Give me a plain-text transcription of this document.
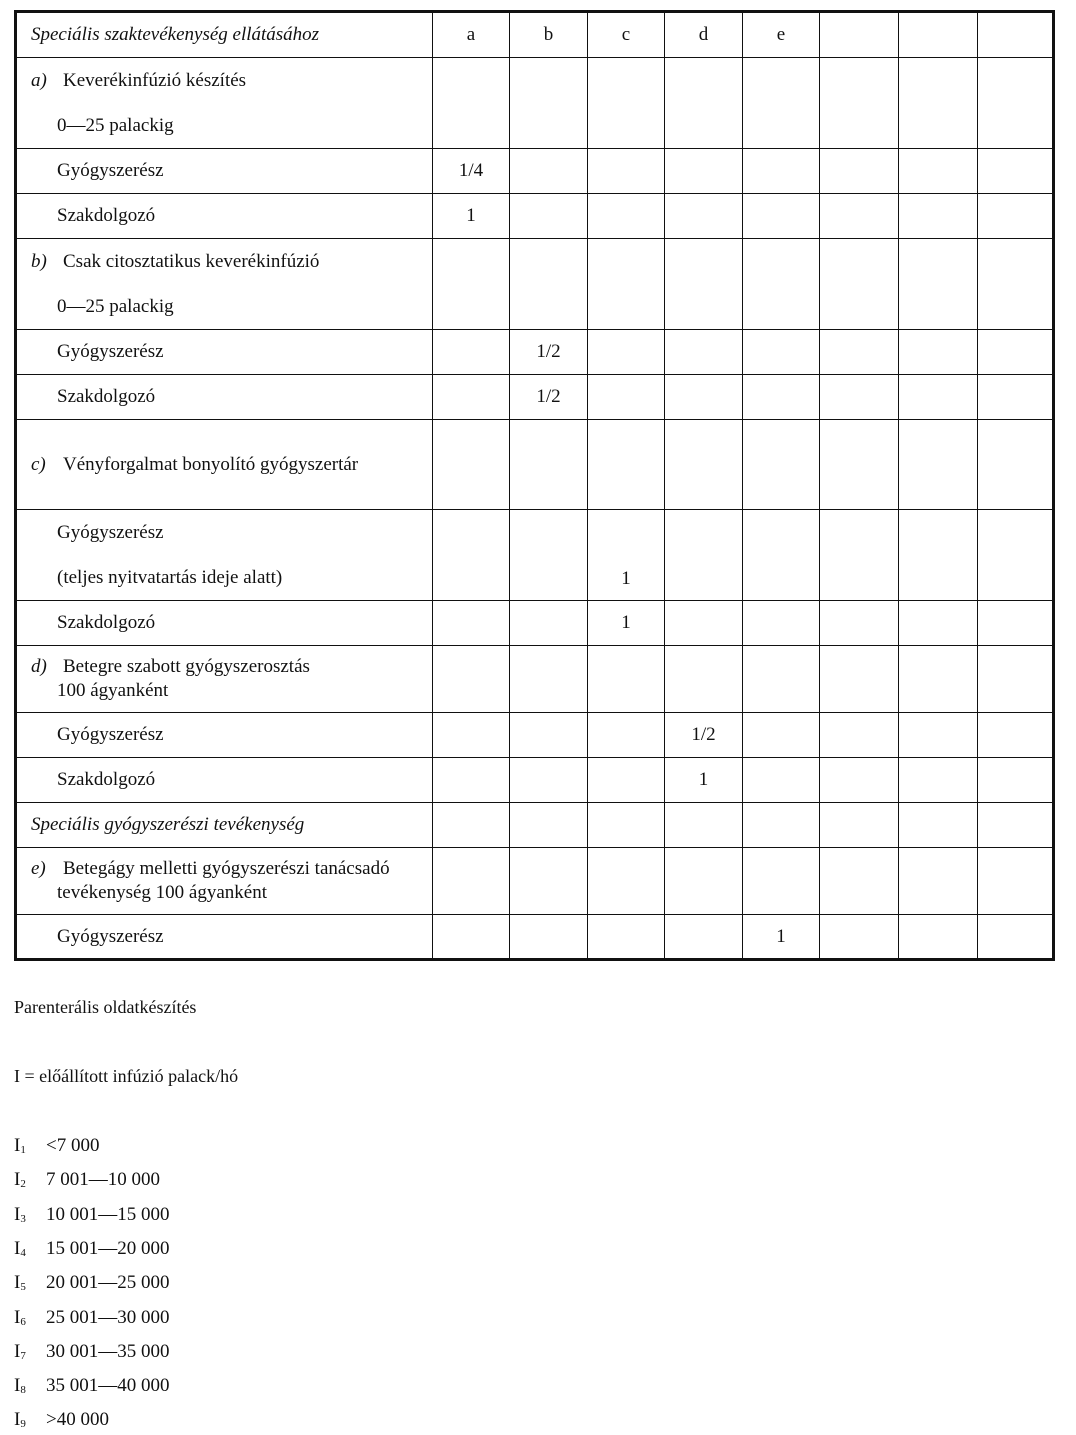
Speciális szaktevékenység ellátásához	a	b	c	d	e			
a) Keverékinfúzió készítés
0—25 palackig								

Gyógyszerész	1/4							
Szakdolgozó	1							
b) Csak citosztatikus keverékinfúzió
0—25 palackig								

Gyógyszerész		1/2						
Szakdolgozó		1/2						
c) Vényforgalmat bonyolító gyógyszertár								

Gyógyszerész
(teljes nyitvatartás ideje alatt)			1					
Szakdolgozó			1					
d) Betegre szabott gyógyszerosztás
100 ágyanként								

Gyógyszerész				1/2				
Szakdolgozó				1				
Speciális gyógyszerészi tevékenység								
e) Betegágy melletti gyógyszerészi tanácsadó
tevékenység 100 ágyanként								

Gyógyszerész					1			
Parenterális oldatkészítés
I = előállított infúzió palack/hó
$I_1 <7$ 000
$I_2$ 7 001—10 000
$I_3$ 10 001—15 000
$I_4$ 15 001—20 000
$I_5$ 20 001—25 000
$I_6$ 25 001—30 000
$I_7$ 30 001—35 000
$I_8$ 35 001—40 000
$I_9 >40$ 000
